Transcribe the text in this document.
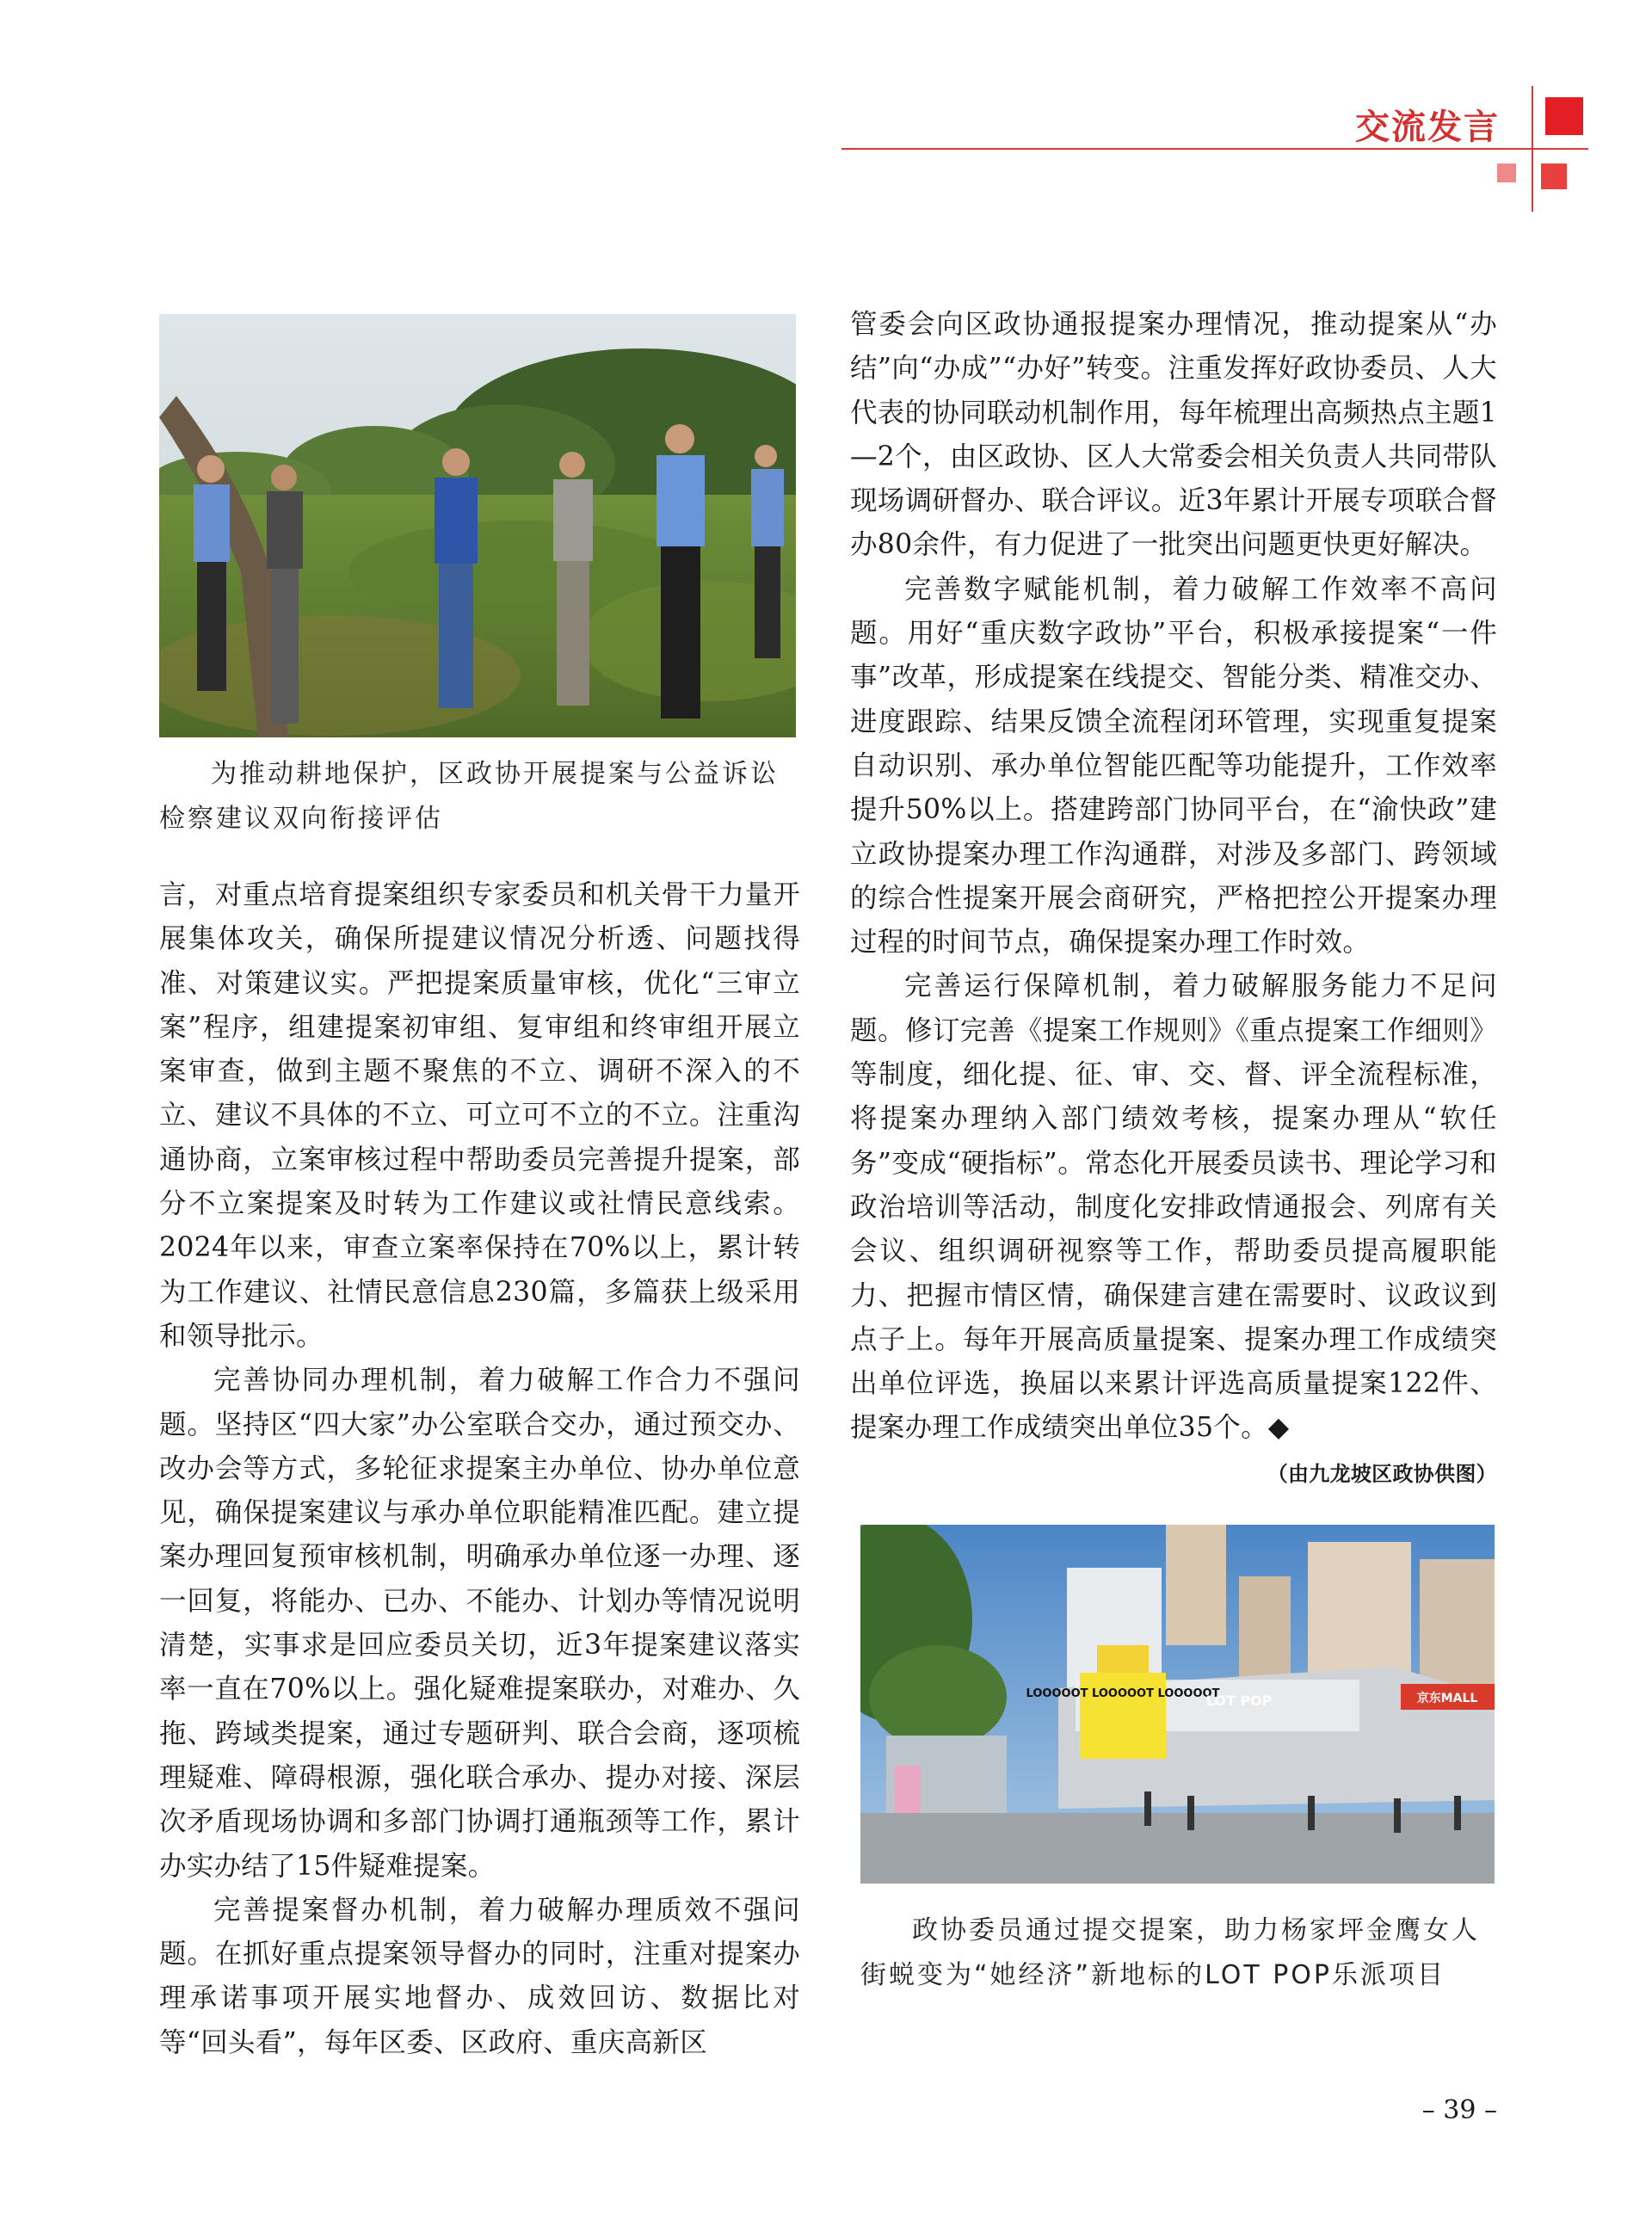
交流发言
为推动耕地保护，区政协开展提案与公益诉讼
检察建议双向衔接评估

言，对重点培育提案组织专家委员和机关骨干力量开展集体攻关，确保所提建议情况分析透、问题找得准、对策建议实。严把提案质量审核，优化“三审立案”程序，组建提案初审组、复审组和终审组开展立案审查，做到主题不聚焦的不立、调研不深入的不立、建议不具体的不立、可立可不立的不立。注重沟通协商，立案审核过程中帮助委员完善提升提案，部分不立案提案及时转为工作建议或社情民意线索。2024年以来，审查立案率保持在70%以上，累计转为工作建议、社情民意信息230篇，多篇获上级采用和领导批示。

完善协同办理机制，着力破解工作合力不强问题。坚持区“四大家”办公室联合交办，通过预交办、改办会等方式，多轮征求提案主办单位、协办单位意见，确保提案建议与承办单位职能精准匹配。建立提案办理回复预审核机制，明确承办单位逐一办理、逐一回复，将能办、已办、不能办、计划办等情况说明清楚，实事求是回应委员关切，近3年提案建议落实率一直在70%以上。强化疑难提案联办，对难办、久拖、跨域类提案，通过专题研判、联合会商，逐项梳理疑难、障碍根源，强化联合承办、提办对接、深层次矛盾现场协调和多部门协调打通瓶颈等工作，累计办实办结了15件疑难提案。

完善提案督办机制，着力破解办理质效不强问题。在抓好重点提案领导督办的同时，注重对提案办理承诺事项开展实地督办、成效回访、数据比对等“回头看”，每年区委、区政府、重庆高新区

管委会向区政协通报提案办理情况，推动提案从“办结”向“办成”“办好”转变。注重发挥好政协委员、人大代表的协同联动机制作用，每年梳理出高频热点主题1—2个，由区政协、区人大常委会相关负责人共同带队现场调研督办、联合评议。近3年累计开展专项联合督办80余件，有力促进了一批突出问题更快更好解决。

完善数字赋能机制，着力破解工作效率不高问题。用好“重庆数字政协”平台，积极承接提案“一件事”改革，形成提案在线提交、智能分类、精准交办、进度跟踪、结果反馈全流程闭环管理，实现重复提案自动识别、承办单位智能匹配等功能提升，工作效率提升50%以上。搭建跨部门协同平台，在“渝快政”建立政协提案办理工作沟通群，对涉及多部门、跨领域的综合性提案开展会商研究，严格把控公开提案办理过程的时间节点，确保提案办理工作时效。

完善运行保障机制，着力破解服务能力不足问题。修订完善《提案工作规则》《重点提案工作细则》等制度，细化提、征、审、交、督、评全流程标准，将提案办理纳入部门绩效考核，提案办理从“软任务”变成“硬指标”。常态化开展委员读书、理论学习和政治培训等活动，制度化安排政情通报会、列席有关会议、组织调研视察等工作，帮助委员提高履职能力、把握市情区情，确保建言建在需要时、议政议到点子上。每年开展高质量提案、提案办理工作成绩突出单位评选，换届以来累计评选高质量提案122件、提案办理工作成绩突出单位35个。◆
（由九龙坡区政协供图）

LOOOOOT LOOOOOT LOOOOOT
LOT POP	京东MALL
政协委员通过提交提案，助力杨家坪金鹰女人
街蜕变为“她经济”新地标的LOT POP乐派项目
– 39 –
